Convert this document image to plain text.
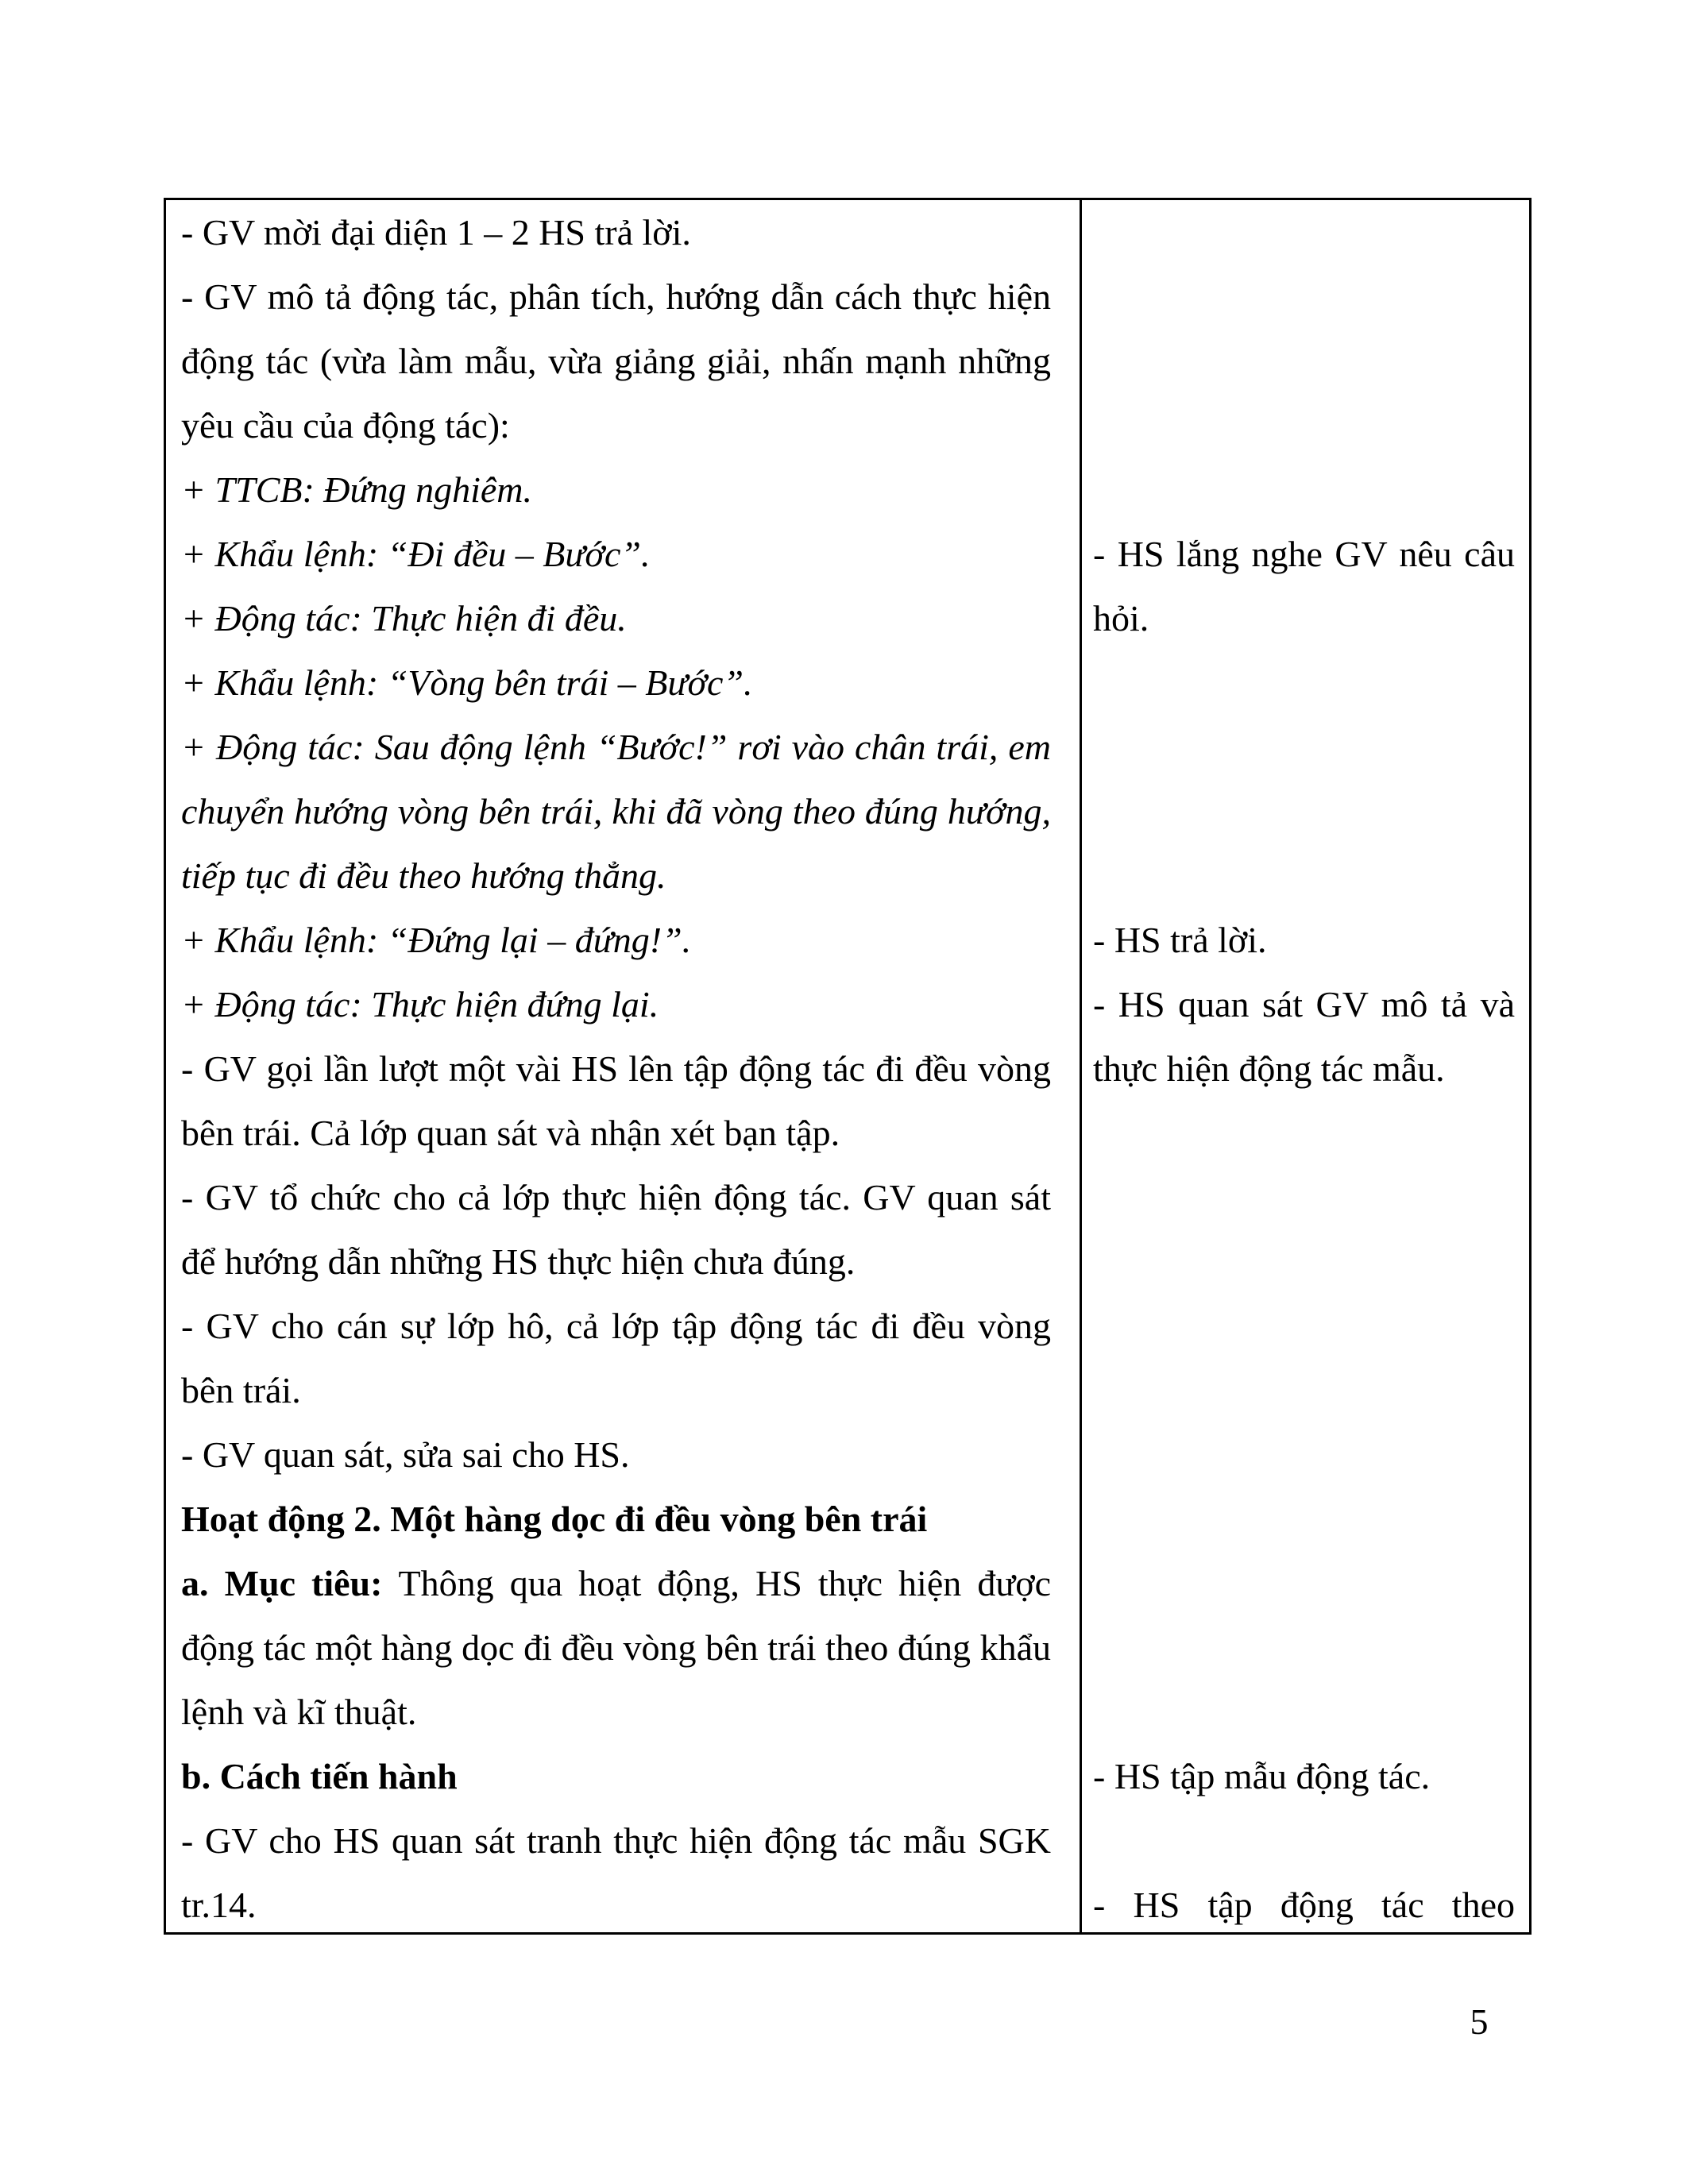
- GV mời đại diện 1 – 2 HS trả lời.
- GV mô tả động tác, phân tích, hướng dẫn cách thực hiện
động tác (vừa làm mẫu, vừa giảng giải, nhấn mạnh những
yêu cầu của động tác):
+ TTCB: Đứng nghiêm.
+ Khẩu lệnh: “Đi đều – Bước”.
+ Động tác: Thực hiện đi đều.
+ Khẩu lệnh: “Vòng bên trái – Bước”.
+ Động tác: Sau động lệnh “Bước!” rơi vào chân trái, em
chuyển hướng vòng bên trái, khi đã vòng theo đúng hướng,
tiếp tục đi đều theo hướng thẳng.
+ Khẩu lệnh: “Đứng lại – đứng!”.
+ Động tác: Thực hiện đứng lại.
- GV gọi lần lượt một vài HS lên tập động tác đi đều vòng
bên trái. Cả lớp quan sát và nhận xét bạn tập.
- GV tổ chức cho cả lớp thực hiện động tác. GV quan sát
để hướng dẫn những HS thực hiện chưa đúng.
- GV cho cán sự lớp hô, cả lớp tập động tác đi đều vòng
bên trái.
- GV quan sát, sửa sai cho HS.
Hoạt động 2. Một hàng dọc đi đều vòng bên trái
a. Mục tiêu: Thông qua hoạt động, HS thực hiện được
động tác một hàng dọc đi đều vòng bên trái theo đúng khẩu
lệnh và kĩ thuật.
b. Cách tiến hành
- GV cho HS quan sát tranh thực hiện động tác mẫu SGK
tr.14.
- HS lắng nghe GV nêu câu
hỏi.
- HS trả lời.
- HS quan sát GV mô tả và
thực hiện động tác mẫu.
- HS tập mẫu động tác.
- HS tập động tác theo
5
